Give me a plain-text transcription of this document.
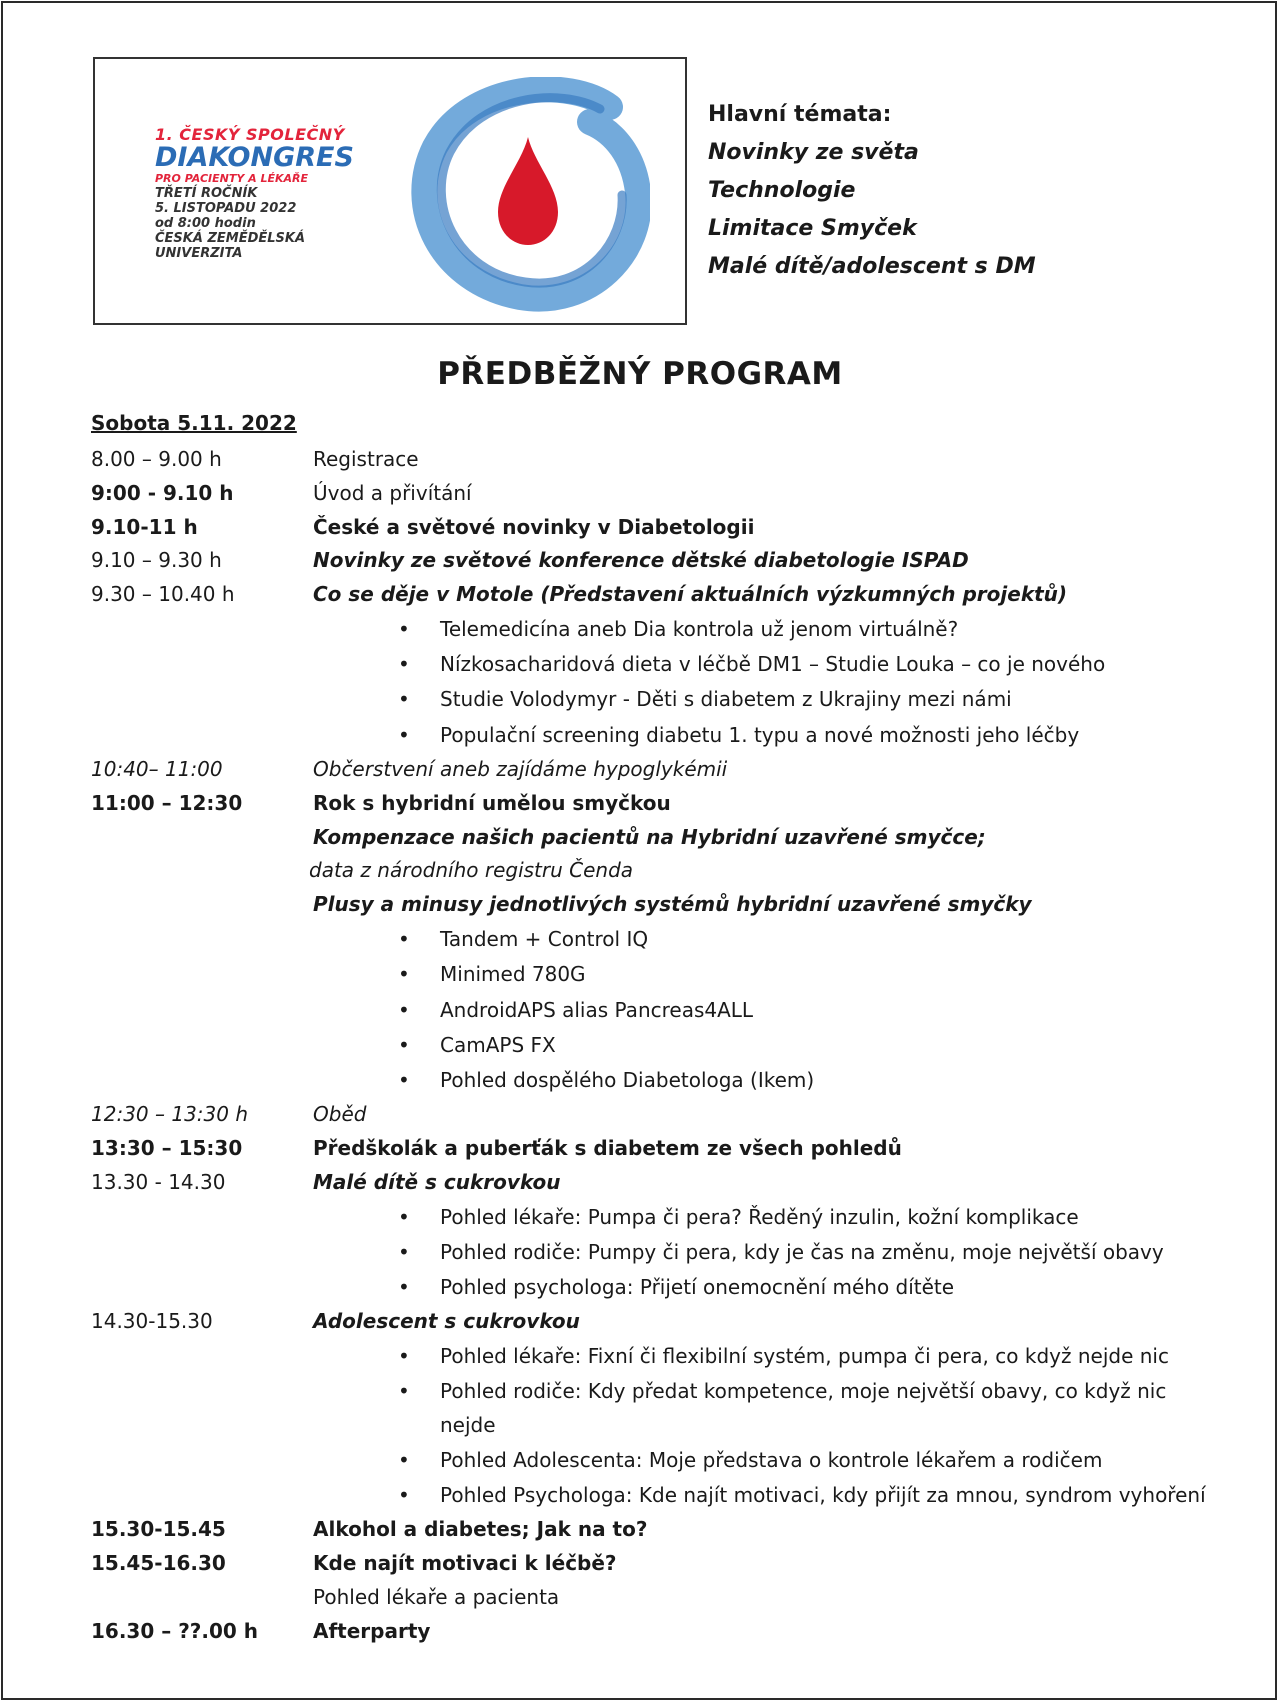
1. ČESKÝ SPOLEČNÝ
DIAKONGRES
PRO PACIENTY A LÉKAŘE
TŘETÍ ROČNÍK
5. LISTOPADU 2022
od 8:00 hodin
ČESKÁ ZEMĚDĚLSKÁ
UNIVERZITA
Hlavní témata:
Novinky ze světa
Technologie
Limitace Smyček
Malé dítě/adolescent s DM
PŘEDBĚŽNÝ PROGRAM
Sobota 5.11. 2022
8.00 – 9.00 h	Registrace
9:00 - 9.10 h	Úvod a přivítání
9.10-11 h	České a světové novinky v Diabetologii
9.10 – 9.30 h	Novinky ze světové konference dětské diabetologie ISPAD
9.30 – 10.40 h	Co se děje v Motole (Představení aktuálních výzkumných projektů)
• Telemedicína aneb Dia kontrola už jenom virtuálně?
• Nízkosacharidová dieta v léčbě DM1 – Studie Louka – co je nového
• Studie Volodymyr - Děti s diabetem z Ukrajiny mezi námi
• Populační screening diabetu 1. typu a nové možnosti jeho léčby
10:40– 11:00	Občerstvení aneb zajídáme hypoglykémii
11:00 – 12:30	Rok s hybridní umělou smyčkou
Kompenzace našich pacientů na Hybridní uzavřené smyčce;
data z národního registru Čenda
Plusy a minusy jednotlivých systémů hybridní uzavřené smyčky
• Tandem + Control IQ
• Minimed 780G
• AndroidAPS alias Pancreas4ALL
• CamAPS FX
• Pohled dospělého Diabetologa (Ikem)
12:30 – 13:30 h	Oběd
13:30 – 15:30	Předškolák a puberťák s diabetem ze všech pohledů
13.30 - 14.30	Malé dítě s cukrovkou
• Pohled lékaře: Pumpa či pera? Ředěný inzulin, kožní komplikace
• Pohled rodiče: Pumpy či pera, kdy je čas na změnu, moje největší obavy
• Pohled psychologa: Přijetí onemocnění mého dítěte
14.30-15.30	Adolescent s cukrovkou
• Pohled lékaře: Fixní či flexibilní systém, pumpa či pera, co když nejde nic
• Pohled rodiče: Kdy předat kompetence, moje největší obavy, co když nic
nejde
• Pohled Adolescenta: Moje představa o kontrole lékařem a rodičem
• Pohled Psychologa: Kde najít motivaci, kdy přijít za mnou, syndrom vyhoření
15.30-15.45	Alkohol a diabetes; Jak na to?
15.45-16.30	Kde najít motivaci k léčbě?
Pohled lékaře a pacienta
16.30 – ??.00 h	Afterparty
